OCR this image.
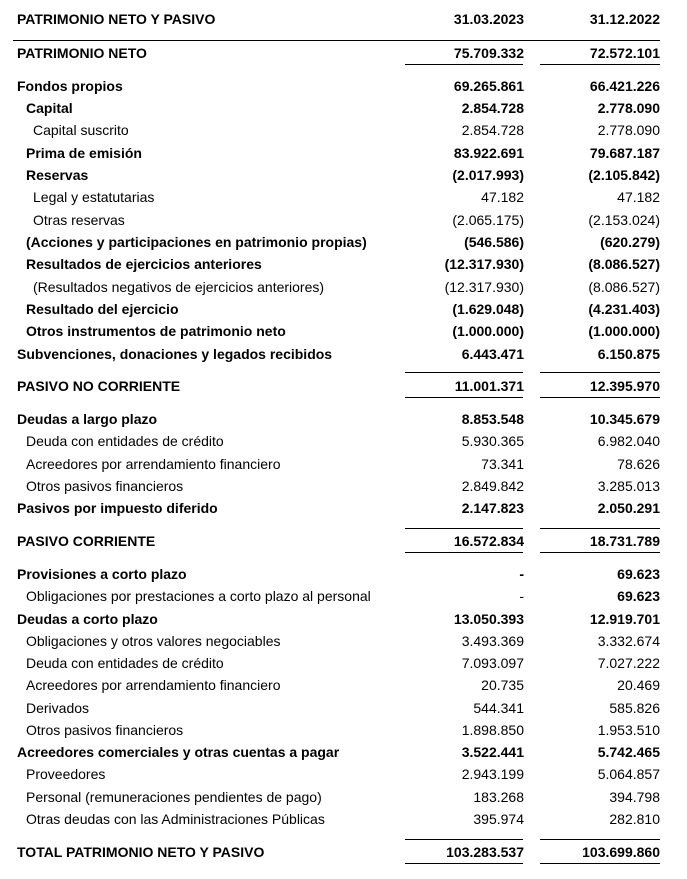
PATRIMONIO NETO Y PASIVO	31.03.2023	31.12.2022
PATRIMONIO NETO	75.709.332	72.572.101
Fondos propios	69.265.861	66.421.226
Capital	2.854.728	2.778.090
Capital suscrito	2.854.728	2.778.090
Prima de emisión	83.922.691	79.687.187
Reservas	(2.017.993)	(2.105.842)
Legal y estatutarias	47.182	47.182
Otras reservas	(2.065.175)	(2.153.024)
(Acciones y participaciones en patrimonio propias)	(546.586)	(620.279)
Resultados de ejercicios anteriores	(12.317.930)	(8.086.527)
(Resultados negativos de ejercicios anteriores)	(12.317.930)	(8.086.527)
Resultado del ejercicio	(1.629.048)	(4.231.403)
Otros instrumentos de patrimonio neto	(1.000.000)	(1.000.000)
Subvenciones, donaciones y legados recibidos	6.443.471	6.150.875
PASIVO NO CORRIENTE	11.001.371	12.395.970
Deudas a largo plazo	8.853.548	10.345.679
Deuda con entidades de crédito	5.930.365	6.982.040
Acreedores por arrendamiento financiero	73.341	78.626
Otros pasivos financieros	2.849.842	3.285.013
Pasivos por impuesto diferido	2.147.823	2.050.291
PASIVO CORRIENTE	16.572.834	18.731.789
Provisiones a corto plazo	-	69.623
Obligaciones por prestaciones a corto plazo al personal	-	69.623
Deudas a corto plazo	13.050.393	12.919.701
Obligaciones y otros valores negociables	3.493.369	3.332.674
Deuda con entidades de crédito	7.093.097	7.027.222
Acreedores por arrendamiento financiero	20.735	20.469
Derivados	544.341	585.826
Otros pasivos financieros	1.898.850	1.953.510
Acreedores comerciales y otras cuentas a pagar	3.522.441	5.742.465
Proveedores	2.943.199	5.064.857
Personal (remuneraciones pendientes de pago)	183.268	394.798
Otras deudas con las Administraciones Públicas	395.974	282.810
TOTAL PATRIMONIO NETO Y PASIVO	103.283.537	103.699.860
